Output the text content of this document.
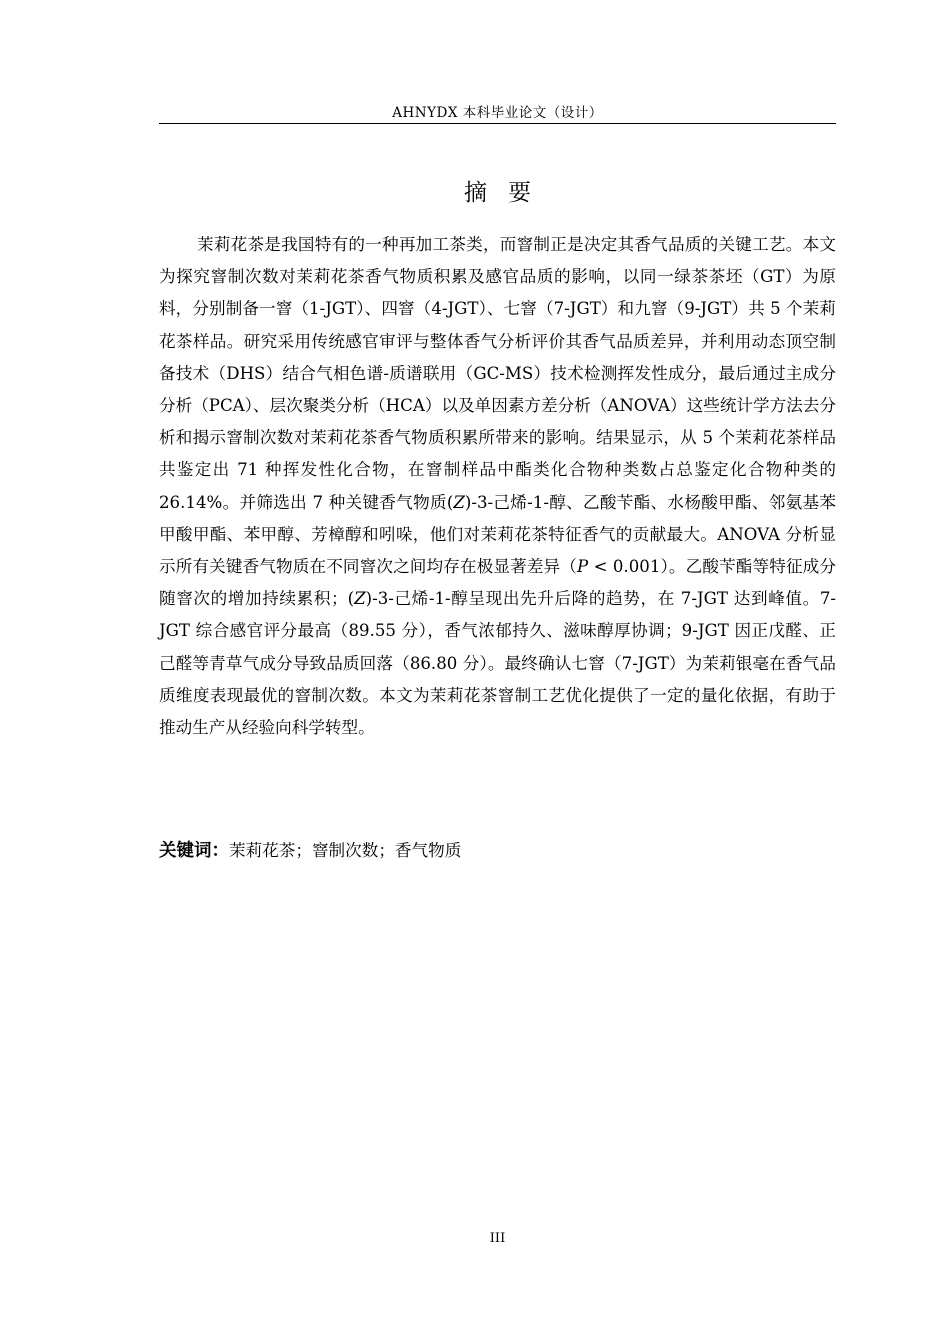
AHNYDX 本科毕业论文（设计）
摘要

茉莉花茶是我国特有的一种再加工茶类，而窨制正是决定其香气品质的关键工艺。本文为探究窨制次数对茉莉花茶香气物质积累及感官品质的影响，以同一绿茶茶坯（GT）为原料，分别制备一窨（1-JGT）、四窨（4-JGT）、七窨（7-JGT）和九窨（9-JGT）共 5 个茉莉花茶样品。研究采用传统感官审评与整体香气分析评价其香气品质差异，并利用动态顶空制备技术（DHS）结合气相色谱-质谱联用（GC-MS）技术检测挥发性成分，最后通过主成分分析（PCA）、层次聚类分析（HCA）以及单因素方差分析（ANOVA）这些统计学方法去分析和揭示窨制次数对茉莉花茶香气物质积累所带来的影响。结果显示，从 5 个茉莉花茶样品共鉴定出 71 种挥发性化合物，在窨制样品中酯类化合物种类数占总鉴定化合物种类的 26.14%。并筛选出 7 种关键香气物质(Z)-3-己烯-1-醇、乙酸苄酯、水杨酸甲酯、邻氨基苯甲酸甲酯、苯甲醇、芳樟醇和吲哚，他们对茉莉花茶特征香气的贡献最大。ANOVA 分析显示所有关键香气物质在不同窨次之间均存在极显著差异（P < 0.001）。乙酸苄酯等特征成分随窨次的增加持续累积；(Z)-3-己烯-1-醇呈现出先升后降的趋势，在 7-JGT 达到峰值。7-JGT 综合感官评分最高（89.55 分），香气浓郁持久、滋味醇厚协调；9-JGT 因正戊醛、正己醛等青草气成分导致品质回落（86.80 分）。最终确认七窨（7-JGT）为茉莉银毫在香气品质维度表现最优的窨制次数。本文为茉莉花茶窨制工艺优化提供了一定的量化依据，有助于推动生产从经验向科学转型。

关键词：茉莉花茶；窨制次数；香气物质
III
